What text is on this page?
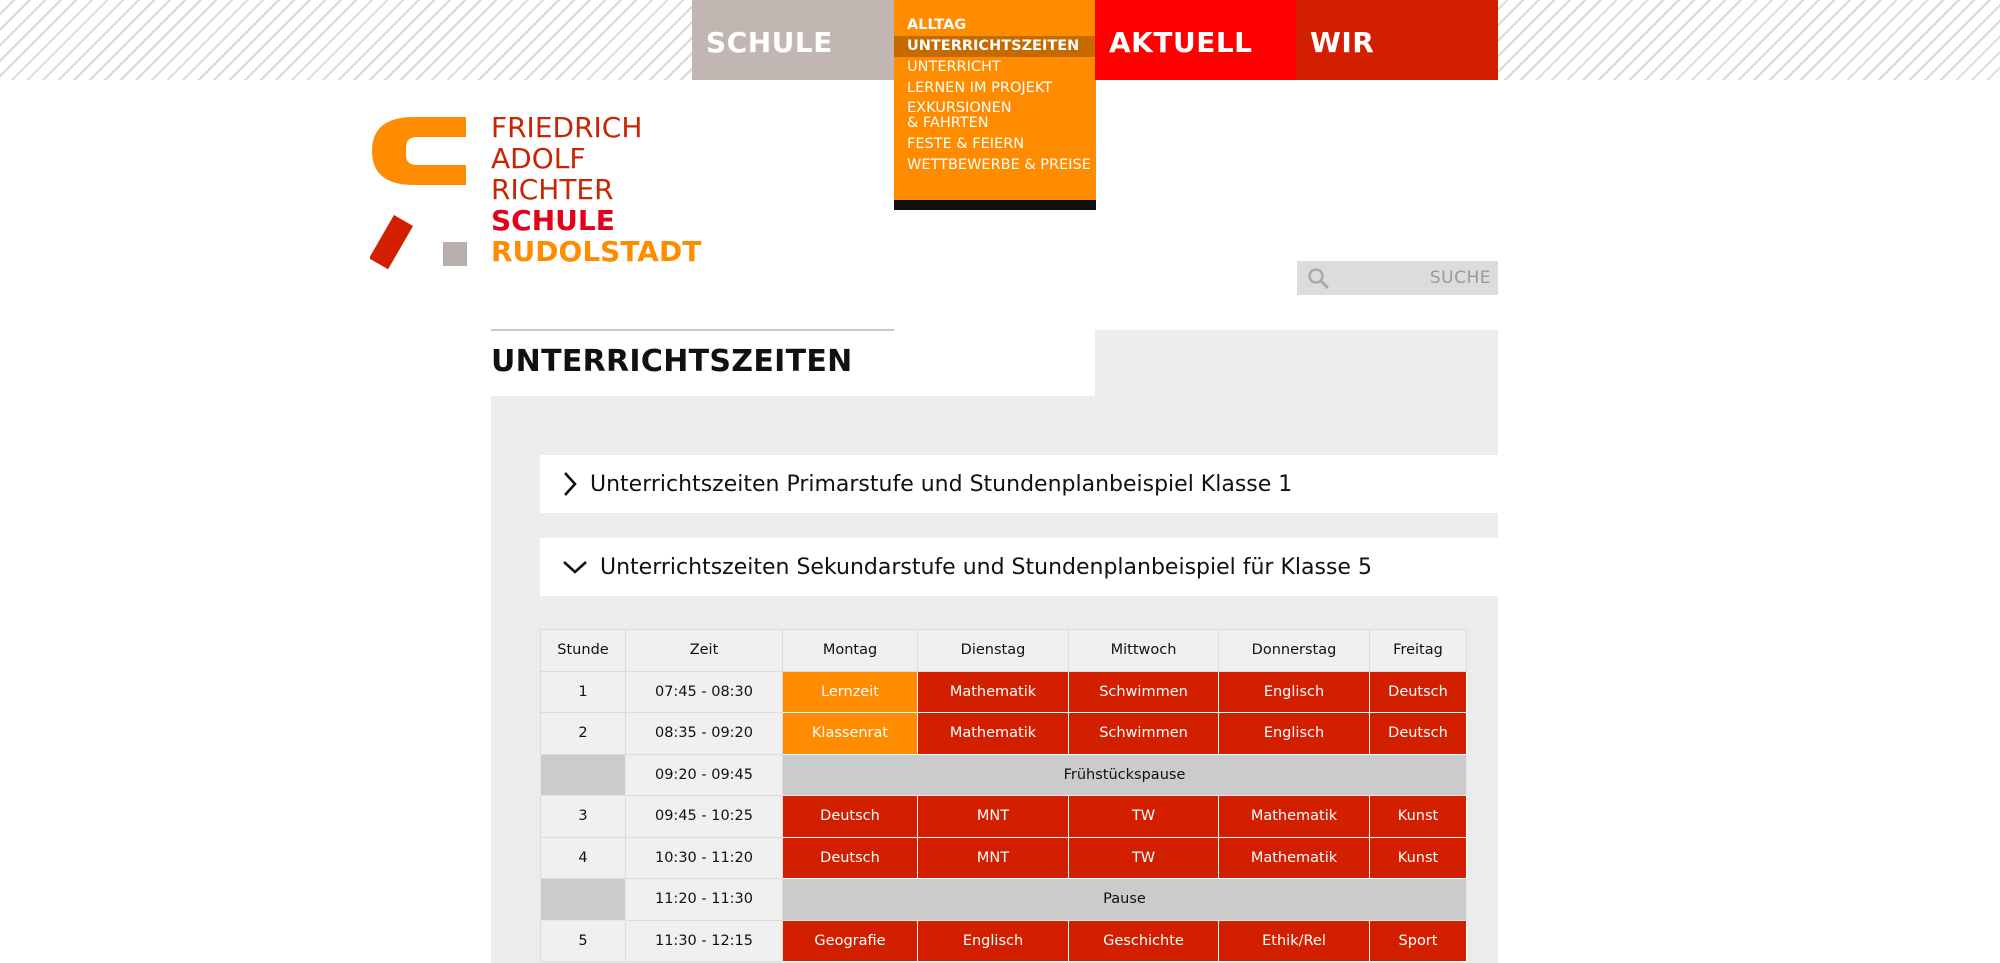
SCHULE
ALLTAG
UNTERRICHTSZEITEN
UNTERRICHT
LERNEN IM PROJEKT
EXKURSIONEN
& FAHRTEN
FESTE & FEIERN
WETTBEWERBE & PREISE
AKTUELL	WIR
FRIEDRICH
ADOLF
RICHTER
SCHULE
RUDOLSTADT
SUCHE
UNTERRICHTSZEITEN
Unterrichtszeiten Primarstufe und Stundenplanbeispiel Klasse 1
Unterrichtszeiten Sekundarstufe und Stundenplanbeispiel für Klasse 5
Stunde	Zeit	Montag	Dienstag	Mittwoch	Donnerstag	Freitag
1	07:45 - 08:30	Lernzeit	Mathematik	Schwimmen	Englisch	Deutsch
2	08:35 - 09:20	Klassenrat	Mathematik	Schwimmen	Englisch	Deutsch
	09:20 - 09:45	Frühstückspause				
3	09:45 - 10:25	Deutsch	MNT	TW	Mathematik	Kunst
4	10:30 - 11:20	Deutsch	MNT	TW	Mathematik	Kunst
	11:20 - 11:30	Pause				
5	11:30 - 12:15	Geografie	Englisch	Geschichte	Ethik/Rel	Sport
